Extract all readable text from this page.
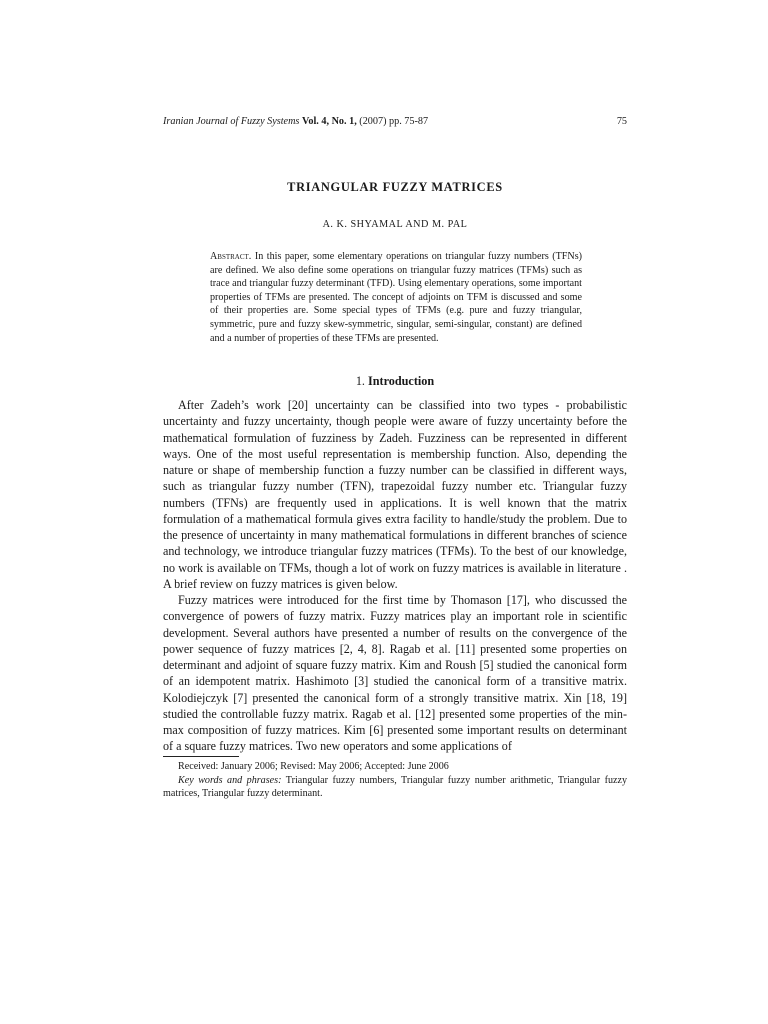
Iranian Journal of Fuzzy Systems Vol. 4, No. 1, (2007) pp. 75-87	75
TRIANGULAR FUZZY MATRICES
A. K. SHYAMAL AND M. PAL
Abstract. In this paper, some elementary operations on triangular fuzzy numbers (TFNs) are defined. We also define some operations on triangular fuzzy matrices (TFMs) such as trace and triangular fuzzy determinant (TFD). Using elementary operations, some important properties of TFMs are presented. The concept of adjoints on TFM is discussed and some of their properties are. Some special types of TFMs (e.g. pure and fuzzy triangular, symmetric, pure and fuzzy skew-symmetric, singular, semi-singular, constant) are defined and a number of properties of these TFMs are presented.
1. Introduction

After Zadeh’s work [20] uncertainty can be classified into two types - probabilistic uncertainty and fuzzy uncertainty, though people were aware of fuzzy uncertainty before the mathematical formulation of fuzziness by Zadeh. Fuzziness can be represented in different ways. One of the most useful representation is membership function. Also, depending the nature or shape of membership function a fuzzy number can be classified in different ways, such as triangular fuzzy number (TFN), trapezoidal fuzzy number etc. Triangular fuzzy numbers (TFNs) are frequently used in applications. It is well known that the matrix formulation of a mathematical formula gives extra facility to handle/study the problem. Due to the presence of uncertainty in many mathematical formulations in different branches of science and technology, we introduce triangular fuzzy matrices (TFMs). To the best of our knowledge, no work is available on TFMs, though a lot of work on fuzzy matrices is available in literature . A brief review on fuzzy matrices is given below.

Fuzzy matrices were introduced for the first time by Thomason [17], who discussed the convergence of powers of fuzzy matrix. Fuzzy matrices play an important role in scientific development. Several authors have presented a number of results on the convergence of the power sequence of fuzzy matrices [2, 4, 8]. Ragab et al. [11] presented some properties on determinant and adjoint of square fuzzy matrix. Kim and Roush [5] studied the canonical form of an idempotent matrix. Hashimoto [3] studied the canonical form of a transitive matrix. Kolodiejczyk [7] presented the canonical form of a strongly transitive matrix. Xin [18, 19] studied the controllable fuzzy matrix. Ragab et al. [12] presented some properties of the min-max composition of fuzzy matrices. Kim [6] presented some important results on determinant of a square fuzzy matrices. Two new operators and some applications of

Received: January 2006; Revised: May 2006; Accepted: June 2006

Key words and phrases: Triangular fuzzy numbers, Triangular fuzzy number arithmetic, Triangular fuzzy matrices, Triangular fuzzy determinant.
